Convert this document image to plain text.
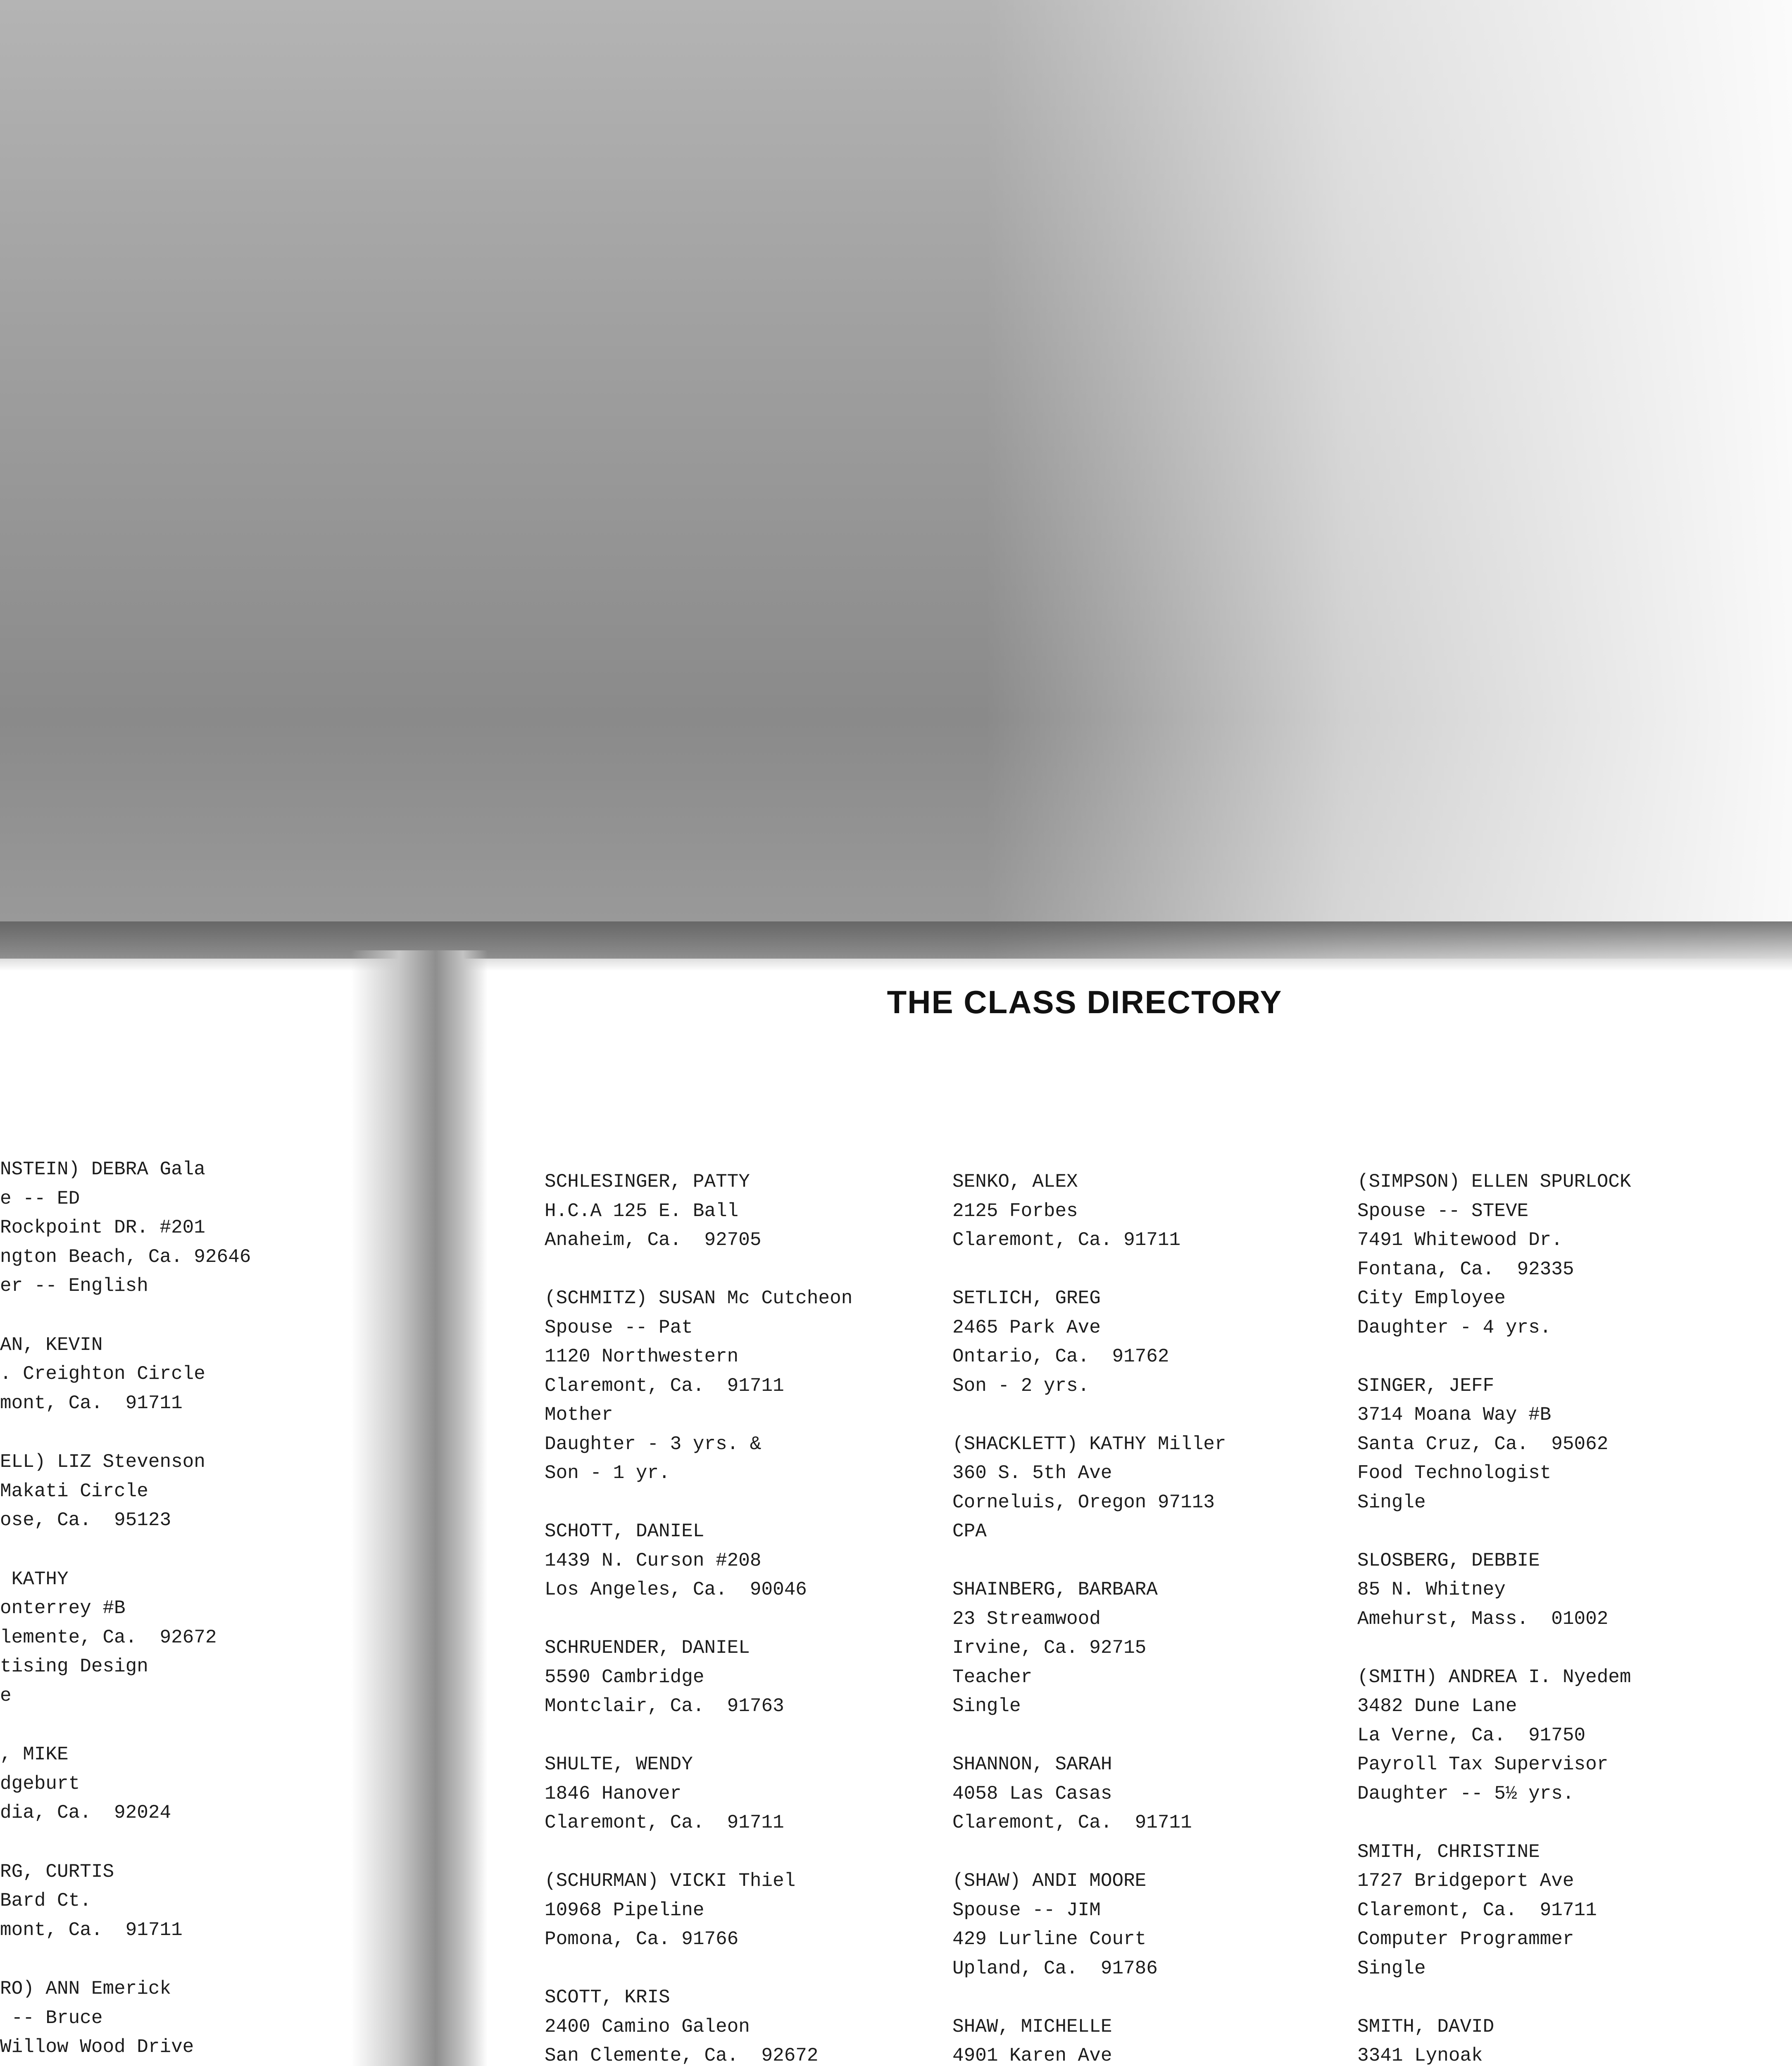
THE CLASS DIRECTORY
NSTEIN) DEBRA Gala
e -- ED
Rockpoint DR. #201
ngton Beach, Ca. 92646
er -- English
AN, KEVIN
. Creighton Circle
mont, Ca.  91711
ELL) LIZ Stevenson
Makati Circle
ose, Ca.  95123
KATHY
onterrey #B
lemente, Ca.  92672
tising Design
e
, MIKE
dgeburt
dia, Ca.  92024
RG, CURTIS
Bard Ct.
mont, Ca.  91711
RO) ANN Emerick
-- Bruce
Willow Wood Drive
SCHLESINGER, PATTY
H.C.A 125 E. Ball
Anaheim, Ca.  92705
(SCHMITZ) SUSAN Mc Cutcheon
Spouse -- Pat
1120 Northwestern
Claremont, Ca.  91711
Mother
Daughter - 3 yrs. &
Son - 1 yr.
SCHOTT, DANIEL
1439 N. Curson #208
Los Angeles, Ca.  90046
SCHRUENDER, DANIEL
5590 Cambridge
Montclair, Ca.  91763
SHULTE, WENDY
1846 Hanover
Claremont, Ca.  91711
(SCHURMAN) VICKI Thiel
10968 Pipeline
Pomona, Ca. 91766
SCOTT, KRIS
2400 Camino Galeon
San Clemente, Ca.  92672
SENKO, ALEX
2125 Forbes
Claremont, Ca. 91711
SETLICH, GREG
2465 Park Ave
Ontario, Ca.  91762
Son - 2 yrs.
(SHACKLETT) KATHY Miller
360 S. 5th Ave
Corneluis, Oregon 97113
CPA
SHAINBERG, BARBARA
23 Streamwood
Irvine, Ca. 92715
Teacher
Single
SHANNON, SARAH
4058 Las Casas
Claremont, Ca.  91711
(SHAW) ANDI MOORE
Spouse -- JIM
429 Lurline Court
Upland, Ca.  91786
SHAW, MICHELLE
4901 Karen Ave
(SIMPSON) ELLEN SPURLOCK
Spouse -- STEVE
7491 Whitewood Dr.
Fontana, Ca.  92335
City Employee
Daughter - 4 yrs.
SINGER, JEFF
3714 Moana Way #B
Santa Cruz, Ca.  95062
Food Technologist
Single
SLOSBERG, DEBBIE
85 N. Whitney
Amehurst, Mass.  01002
(SMITH) ANDREA I. Nyedem
3482 Dune Lane
La Verne, Ca.  91750
Payroll Tax Supervisor
Daughter -- 5½ yrs.
SMITH, CHRISTINE
1727 Bridgeport Ave
Claremont, Ca.  91711
Computer Programmer
Single
SMITH, DAVID
3341 Lynoak
